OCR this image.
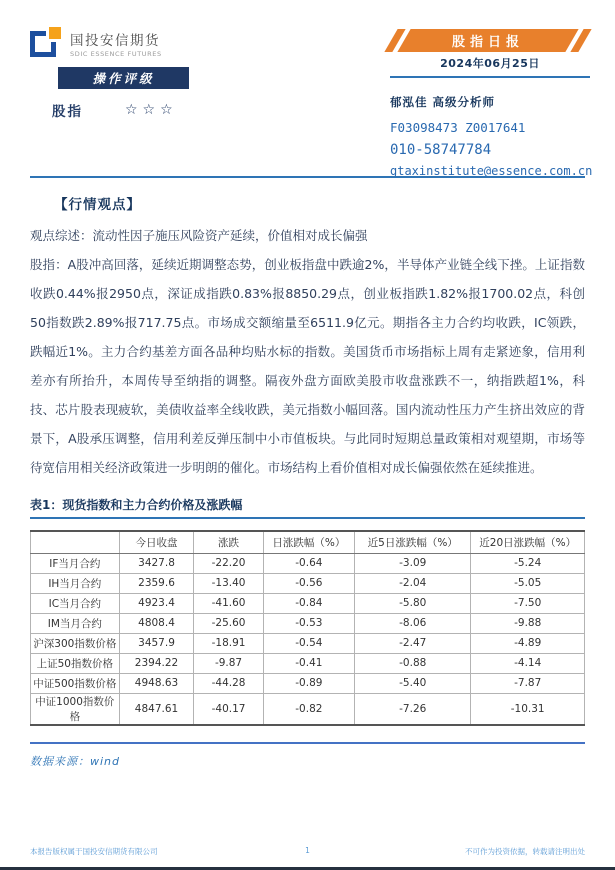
国投安信期货
SDIC ESSENCE FUTURES
股指日报
操作评级
股指	☆☆☆
2024年06月25日
郁泓佳 高级分析师
F03098473 Z0017641
010-58747784
gtaxinstitute@essence.com.cn
【行情观点】

观点综述：流动性因子施压风险资产延续，价值相对成长偏强

股指：A股冲高回落，延续近期调整态势，创业板指盘中跌逾2%，半导体产业链全线下挫。上证指数收跌0.44%报2950点，深证成指跌0.83%报8850.29点，创业板指跌1.82%报1700.02点，科创50指数跌2.89%报717.75点。市场成交额缩量至6511.9亿元。期指各主力合约均收跌，IC领跌，跌幅近1%。主力合约基差方面各品种均贴水标的指数。美国货币市场指标上周有走紧迹象，信用利差亦有所抬升，本周传导至纳指的调整。隔夜外盘方面欧美股市收盘涨跌不一，纳指跌超1%，科技、芯片股表现疲软，美债收益率全线收跌，美元指数小幅回落。国内流动性压力产生挤出效应的背景下，A股承压调整，信用利差反弹压制中小市值板块。与此同时短期总量政策相对观望期，市场等待宽信用相关经济政策进一步明朗的催化。市场结构上看价值相对成长偏强依然在延续推进。

表1：现货指数和主力合约价格及涨跌幅
	今日收盘	涨跌	日涨跌幅（%）	近5日涨跌幅（%）	近20日涨跌幅（%）
IF当月合约	3427.8	-22.20	-0.64	-3.09	-5.24
IH当月合约	2359.6	-13.40	-0.56	-2.04	-5.05
IC当月合约	4923.4	-41.60	-0.84	-5.80	-7.50
IM当月合约	4808.4	-25.60	-0.53	-8.06	-9.88
沪深300指数价格	3457.9	-18.91	-0.54	-2.47	-4.89
上证50指数价格	2394.22	-9.87	-0.41	-0.88	-4.14
中证500指数价格	4948.63	-44.28	-0.89	-5.40	-7.87
中证1000指数价格	4847.61	-40.17	-0.82	-7.26	-10.31
数据来源：wind
本报告版权属于国投安信期货有限公司	1	不可作为投资依据，转载请注明出处
